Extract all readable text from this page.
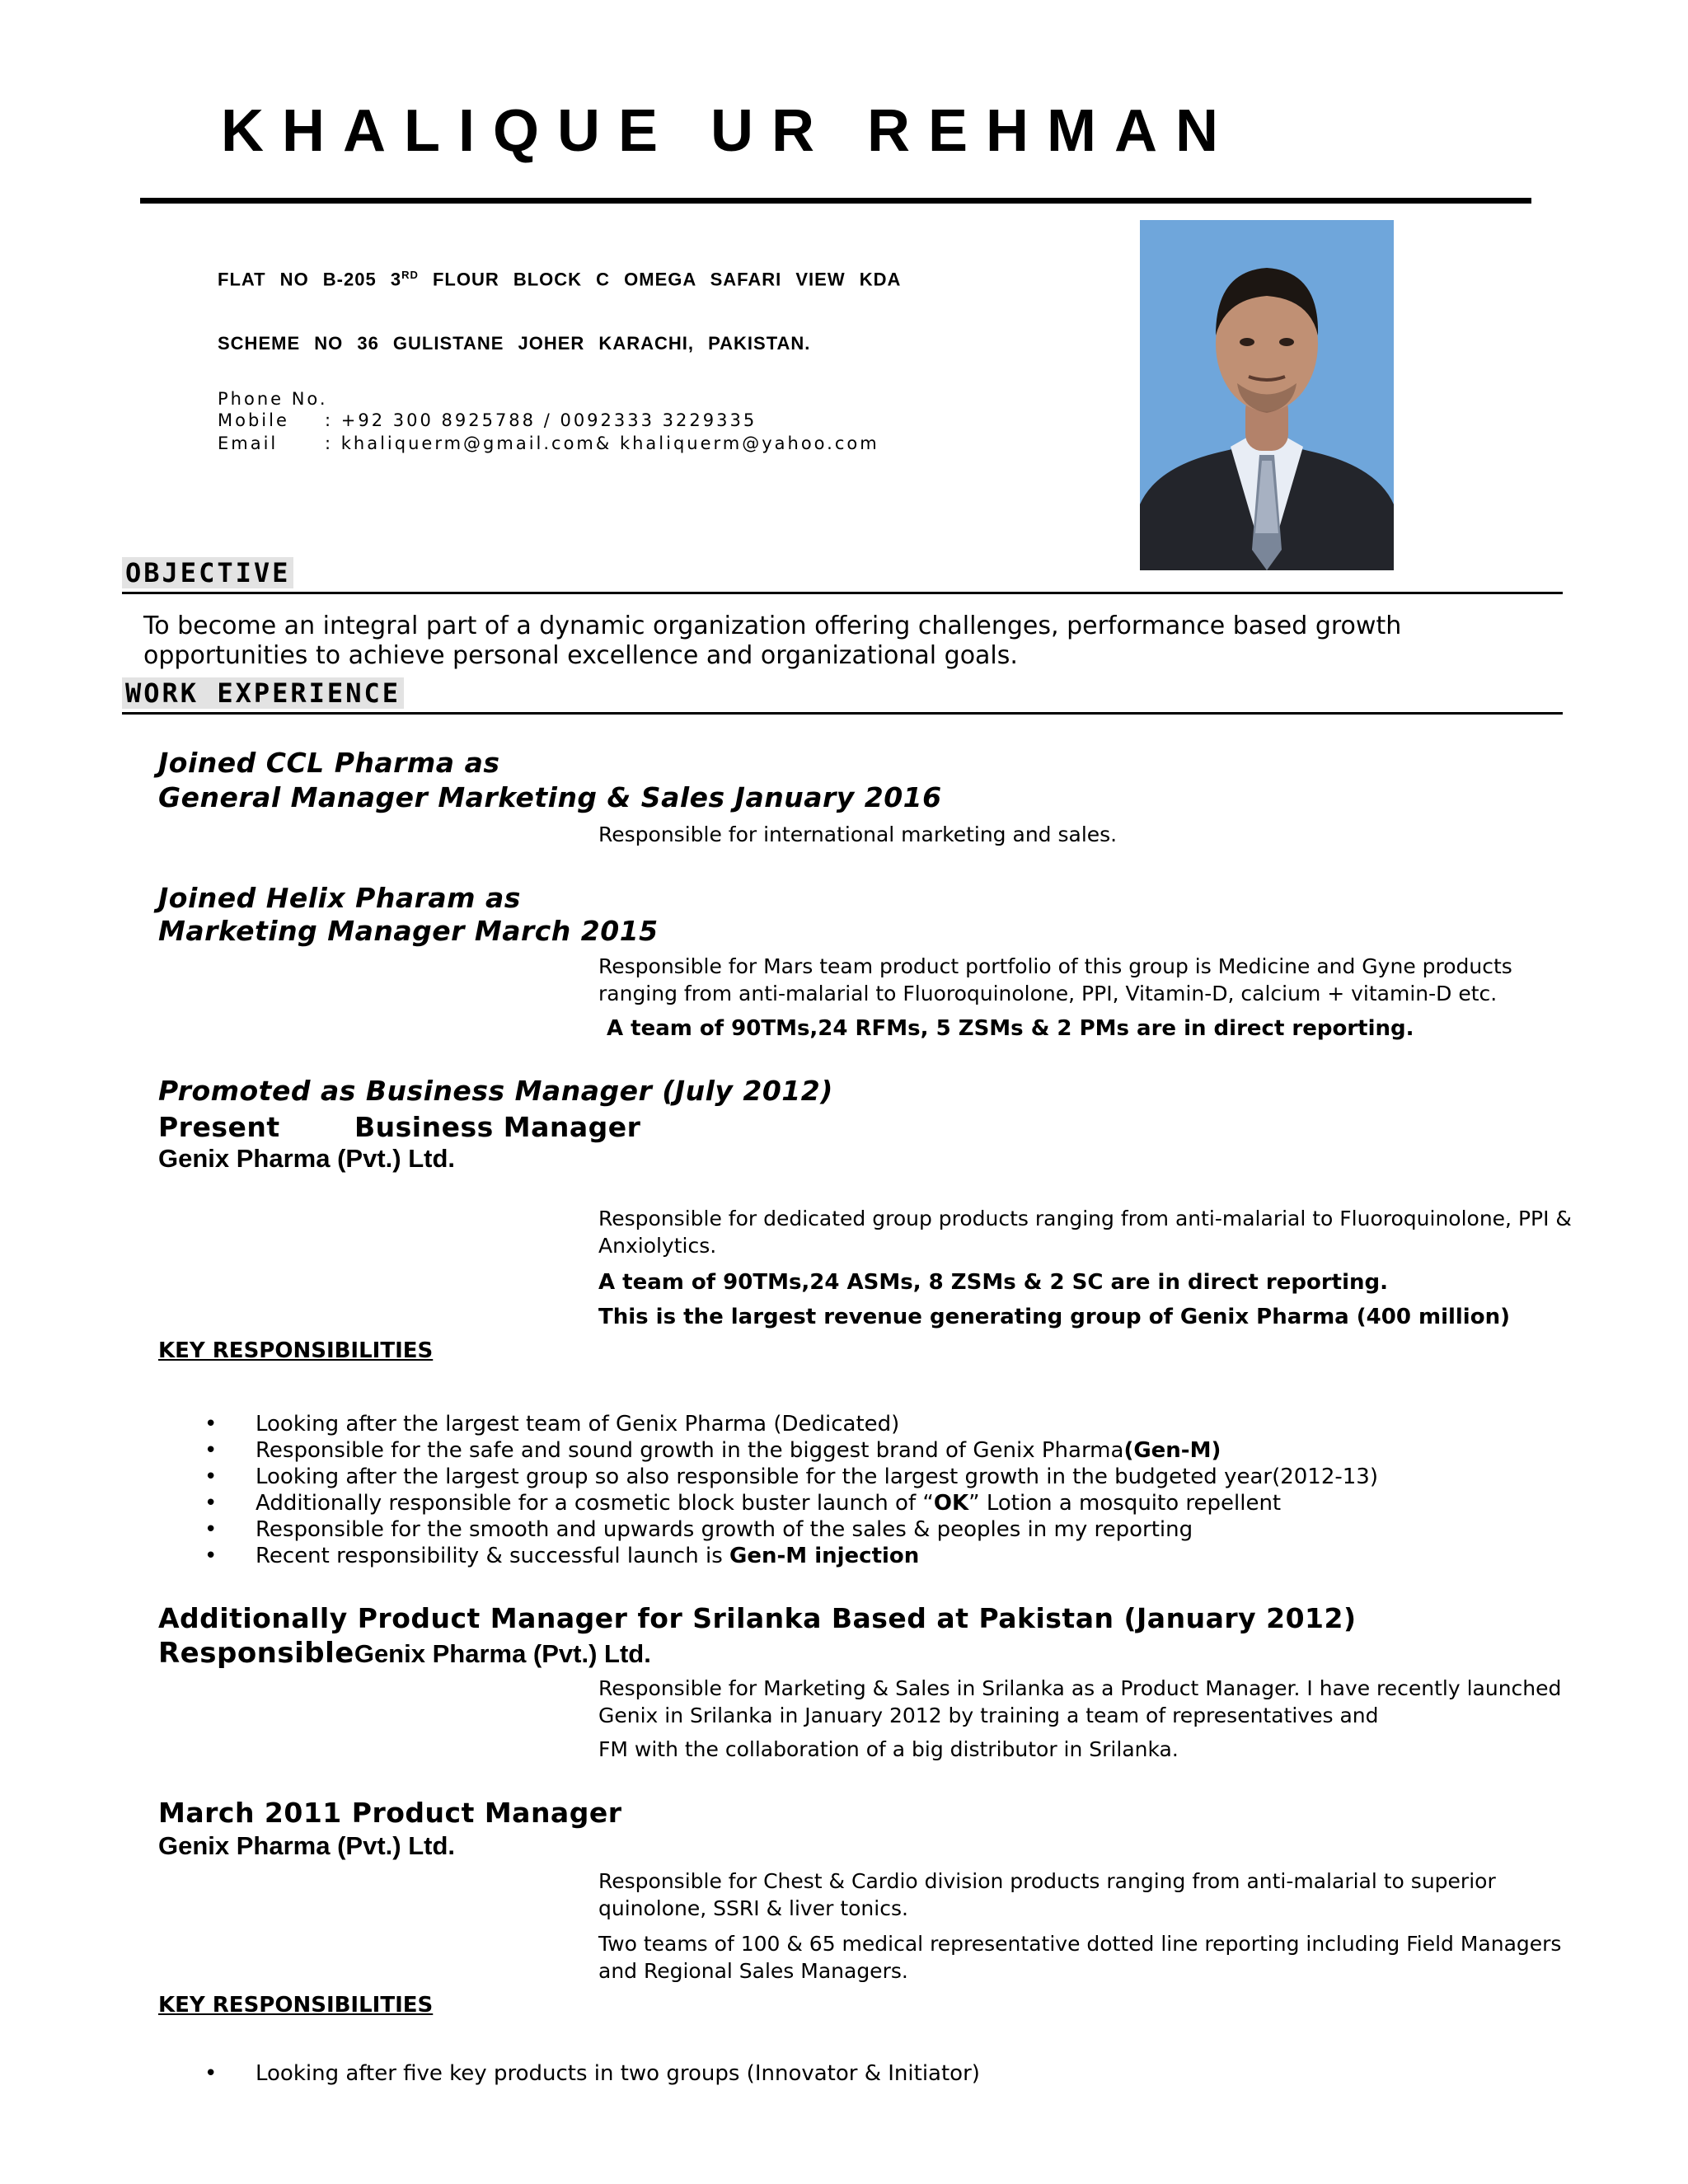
KHALIQUE UR REHMAN
FLAT NO B-205 3RD FLOUR BLOCK C OMEGA SAFARI VIEW KDA
SCHEME NO 36 GULISTANE JOHER KARACHI, PAKISTAN.
Phone No.
Mobile : +92 300 8925788 / 0092333 3229335
Email	: khaliquerm@gmail.com& khaliquerm@yahoo.com
OBJECTIVE
To become an integral part of a dynamic organization offering challenges, performance based growth opportunities to achieve personal excellence and organizational goals.
WORK EXPERIENCE
Joined CCL Pharma as
General Manager Marketing & Sales January 2016
Responsible for international marketing and sales.
Joined Helix Pharam as
Marketing Manager March 2015
Responsible for Mars team product portfolio of this group is Medicine and Gyne products ranging from anti-malarial to Fluoroquinolone, PPI, Vitamin-D, calcium + vitamin-D etc.
A team of 90TMs,24 RFMs, 5 ZSMs & 2 PMs are in direct reporting.
Promoted as Business Manager (July 2012)
Present	Business Manager
Genix Pharma (Pvt.) Ltd.
Responsible for dedicated group products ranging from anti-malarial to Fluoroquinolone, PPI & Anxiolytics.
A team of 90TMs,24 ASMs, 8 ZSMs & 2 SC are in direct reporting.
This is the largest revenue generating group of Genix Pharma (400 million)
KEY RESPONSIBILITIES
• Looking after the largest team of Genix Pharma (Dedicated)
• Responsible for the safe and sound growth in the biggest brand of Genix Pharma(Gen-M)
• Looking after the largest group so also responsible for the largest growth in the budgeted year(2012-13)
• Additionally responsible for a cosmetic block buster launch of “OK” Lotion a mosquito repellent
• Responsible for the smooth and upwards growth of the sales & peoples in my reporting
• Recent responsibility & successful launch is Gen-M injection
Additionally Product Manager for Srilanka Based at Pakistan (January 2012)
ResponsibleGenix Pharma (Pvt.) Ltd.
Responsible for Marketing & Sales in Srilanka as a Product Manager. I have recently launched Genix in Srilanka in January 2012 by training a team of representatives and
FM with the collaboration of a big distributor in Srilanka.
March 2011 Product Manager
Genix Pharma (Pvt.) Ltd.
Responsible for Chest & Cardio division products ranging from anti-malarial to superior quinolone, SSRI & liver tonics.
Two teams of 100 & 65 medical representative dotted line reporting including Field Managers and Regional Sales Managers.
KEY RESPONSIBILITIES
• Looking after five key products in two groups (Innovator & Initiator)
